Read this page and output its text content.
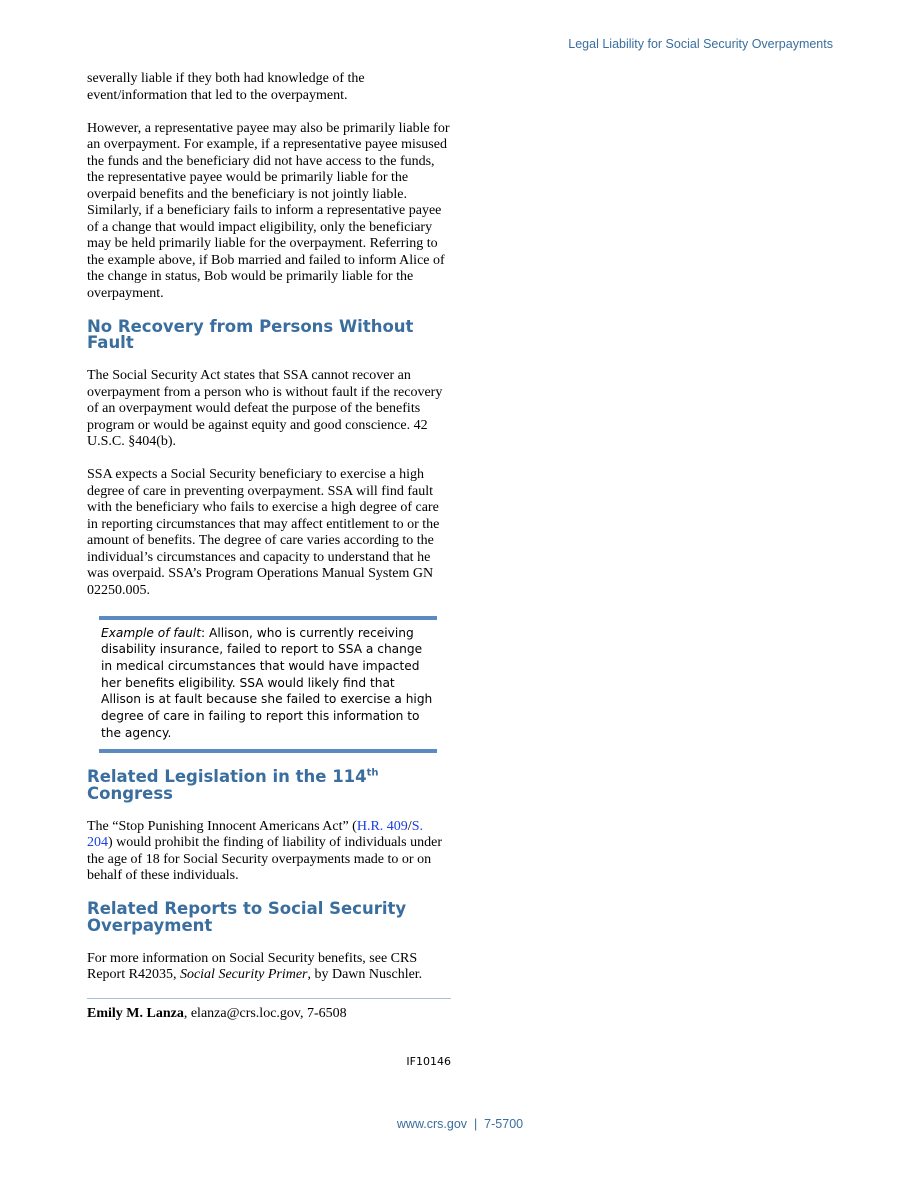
Legal Liability for Social Security Overpayments

severally liable if they both had knowledge of the event/information that led to the overpayment.

However, a representative payee may also be primarily liable for an overpayment. For example, if a representative payee misused the funds and the beneficiary did not have access to the funds, the representative payee would be primarily liable for the overpaid benefits and the beneficiary is not jointly liable. Similarly, if a beneficiary fails to inform a representative payee of a change that would impact eligibility, only the beneficiary may be held primarily liable for the overpayment. Referring to the example above, if Bob married and failed to inform Alice of the change in status, Bob would be primarily liable for the overpayment.

No Recovery from Persons Without Fault

The Social Security Act states that SSA cannot recover an overpayment from a person who is without fault if the recovery of an overpayment would defeat the purpose of the benefits program or would be against equity and good conscience. 42 U.S.C. §404(b).

SSA expects a Social Security beneficiary to exercise a high degree of care in preventing overpayment. SSA will find fault with the beneficiary who fails to exercise a high degree of care in reporting circumstances that may affect entitlement to or the amount of benefits. The degree of care varies according to the individual’s circumstances and capacity to understand that he was overpaid. SSA’s Program Operations Manual System GN 02250.005.

Example of fault: Allison, who is currently receiving disability insurance, failed to report to SSA a change in medical circumstances that would have impacted her benefits eligibility. SSA would likely find that Allison is at fault because she failed to exercise a high degree of care in failing to report this information to the agency.
Related Legislation in the 114th Congress

The “Stop Punishing Innocent Americans Act” (H.R. 409/S. 204) would prohibit the finding of liability of individuals under the age of 18 for Social Security overpayments made to or on behalf of these individuals.

Related Reports to Social Security Overpayment

For more information on Social Security benefits, see CRS Report R42035, Social Security Primer, by Dawn Nuschler.

Emily M. Lanza, elanza@crs.loc.gov, 7-6508
IF10146
www.crs.gov  |  7-5700
